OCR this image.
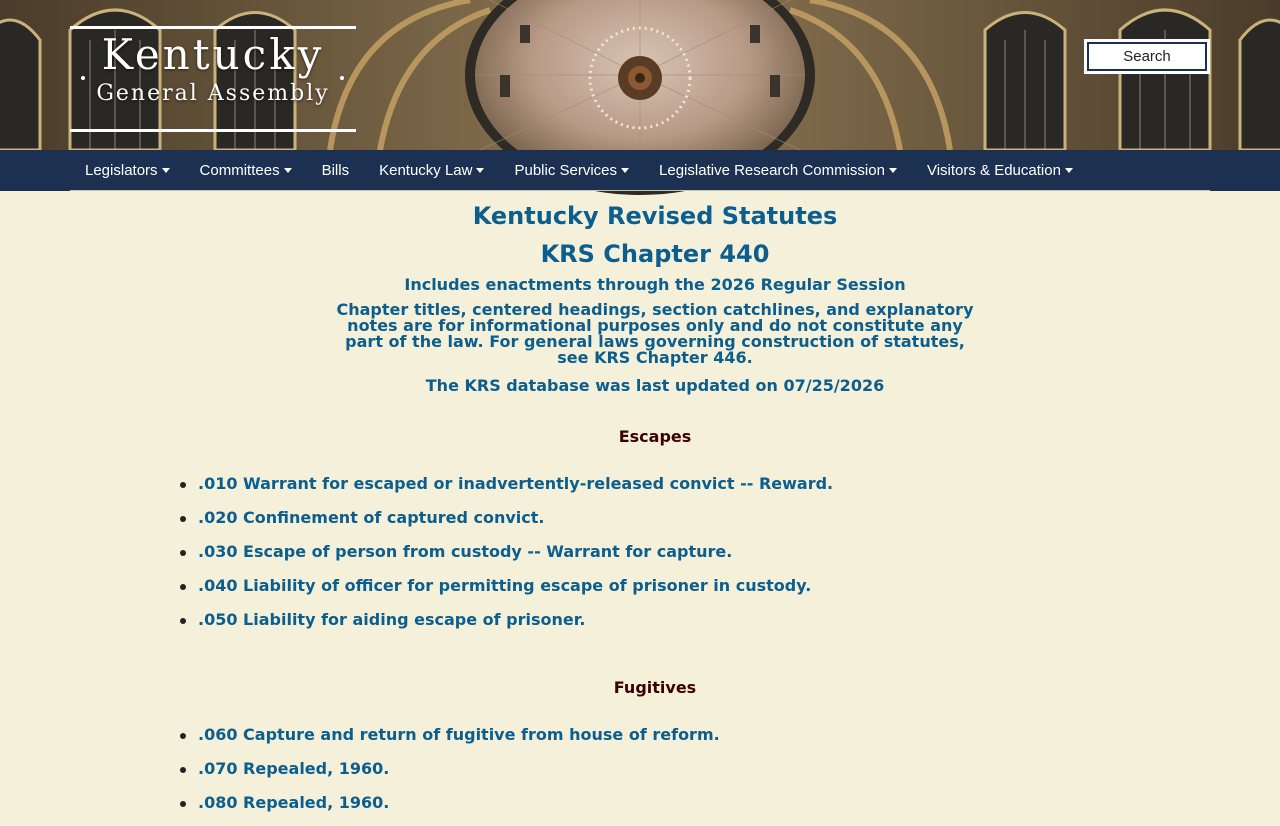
Kentucky
General Assembly
Search
Legislators	Committees	Bills Kentucky Law	Public Services	Legislative Research Commission	Visitors & Education
Kentucky Revised Statutes
KRS Chapter 440
Includes enactments through the 2026 Regular Session
Chapter titles, centered headings, section catchlines, and explanatory notes are for informational purposes only and do not constitute any part of the law. For general laws governing construction of statutes, see KRS Chapter 446.
The KRS database was last updated on 07/25/2026
Escapes
.010 Warrant for escaped or inadvertently-released convict -- Reward.
.020 Confinement of captured convict.
.030 Escape of person from custody -- Warrant for capture.
.040 Liability of officer for permitting escape of prisoner in custody.
.050 Liability for aiding escape of prisoner.
Fugitives
.060 Capture and return of fugitive from house of reform.
.070 Repealed, 1960.
.080 Repealed, 1960.
